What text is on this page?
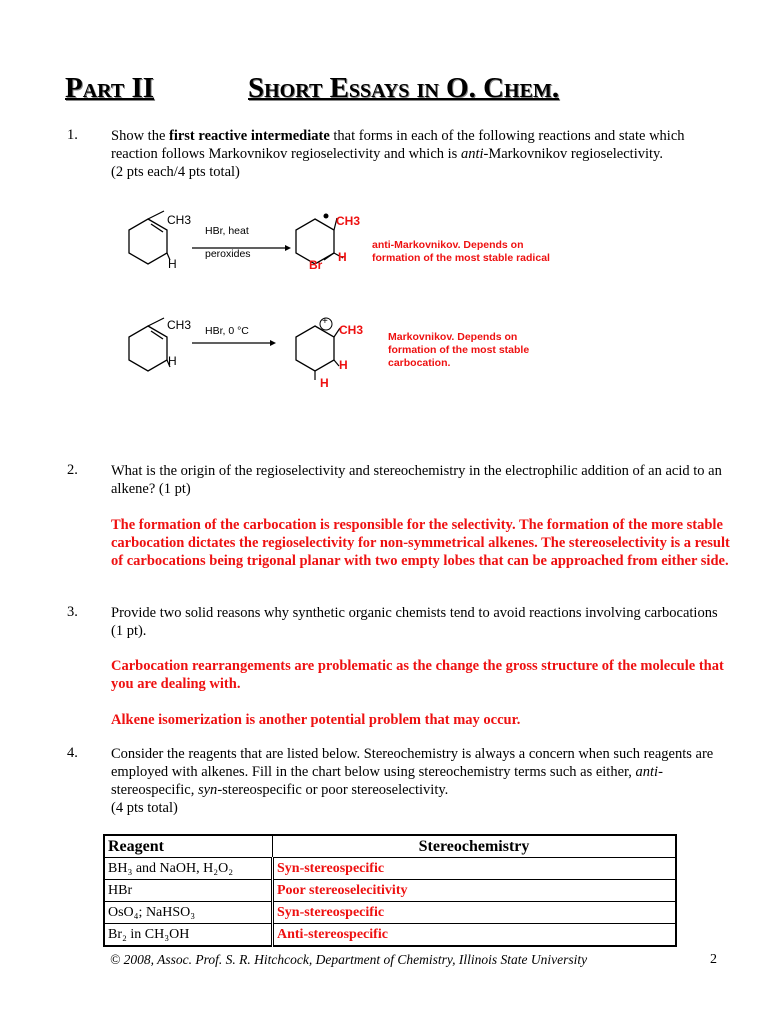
Part II	Short Essays in O. Chem.
1. Show the first reactive intermediate that forms in each of the following reactions and state which reaction follows Markovnikov regioselectivity and which is anti-Markovnikov regioselectivity.
(2 pts each/4 pts total)
CH3
H
HBr, heat
peroxides
CH3
H
Br
anti-Markovnikov. Depends on
formation of the most stable radical
CH3
H
HBr, 0 °C
+
CH3
H
H
Markovnikov. Depends on
formation of the most stable
carbocation.
2. What is the origin of the regioselectivity and stereochemistry in the electrophilic addition of an acid to an alkene? (1 pt)
The formation of the carbocation is responsible for the selectivity. The formation of the more stable carbocation dictates the regioselectivity for non-symmetrical alkenes. The stereoselectivity is a result of carbocations being trigonal planar with two empty lobes that can be approached from either side.
3. Provide two solid reasons why synthetic organic chemists tend to avoid reactions involving carbocations (1 pt).
Carbocation rearrangements are problematic as the change the gross structure of the molecule that you are dealing with.
Alkene isomerization is another potential problem that may occur.
4. Consider the reagents that are listed below. Stereochemistry is always a concern when such reagents are employed with alkenes. Fill in the chart below using stereochemistry terms such as either, anti-stereospecific, syn-stereospecific or poor stereoselectivity.
(4 pts total)
Reagent	Stereochemistry
BH₃ and NaOH, H₂O₂	Syn-stereospecific
HBr	Poor stereoselecitivity
OsO₄; NaHSO₃	Syn-stereospecific
Br₂ in CH₃OH	Anti-stereospecific
© 2008, Assoc. Prof. S. R. Hitchcock, Department of Chemistry, Illinois State University	2
